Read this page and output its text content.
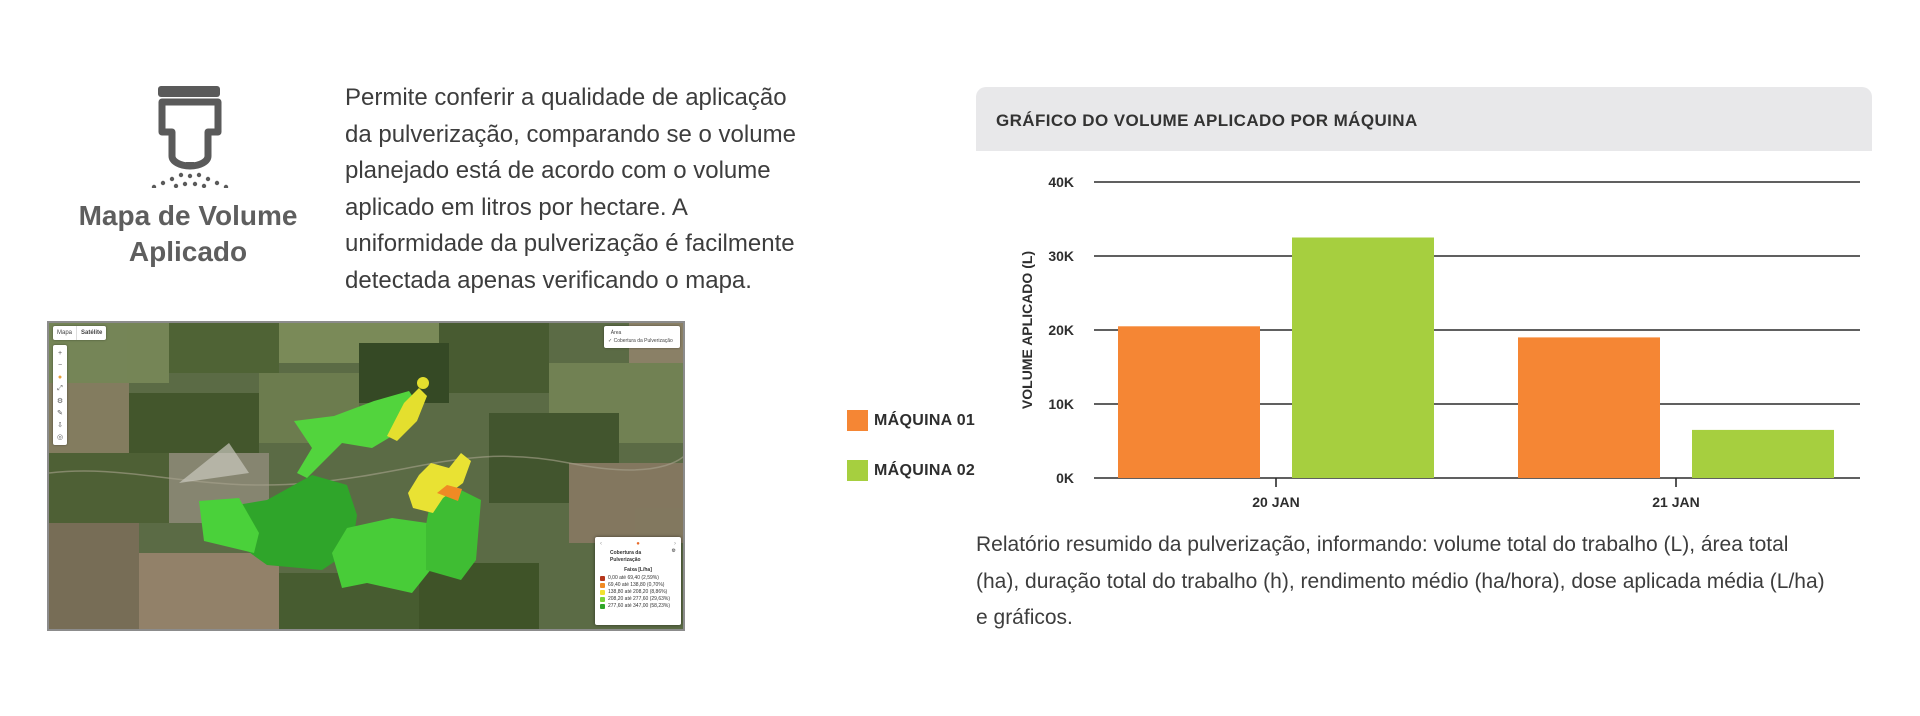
Mapa de Volume
Aplicado
Permite conferir a qualidade de aplicação
da pulverização, comparando se o volume
planejado está de acordo com o volume
aplicado em litros por hectare. A
uniformidade da pulverização é facilmente
detectada apenas verificando o mapa.
Mapa	Satélite
+
−
●
⤢
⚙
✎
⇩
◎
Área
✓ Cobertura da Pulverização
‹	●	›
Cobertura da Pulverização
⚙
Faixa [L/ha]
0,00 até 69,40 (2,59%)
69,40 até 138,80 (0,70%)
138,80 até 208,20 (8,86%)
208,20 até 277,60 (29,63%)
277,60 até 347,00 (58,23%)
MÁQUINA 01
MÁQUINA 02
GRÁFICO DO VOLUME APLICADO POR MÁQUINA
0K
10K
20K
30K
40K
VOLUME APLICADO (L)
20 JAN	21 JAN
Relatório resumido da pulverização, informando: volume total do trabalho (L), área total (ha), duração total do trabalho (h), rendimento médio (ha/hora), dose aplicada média (L/ha) e gráficos.
